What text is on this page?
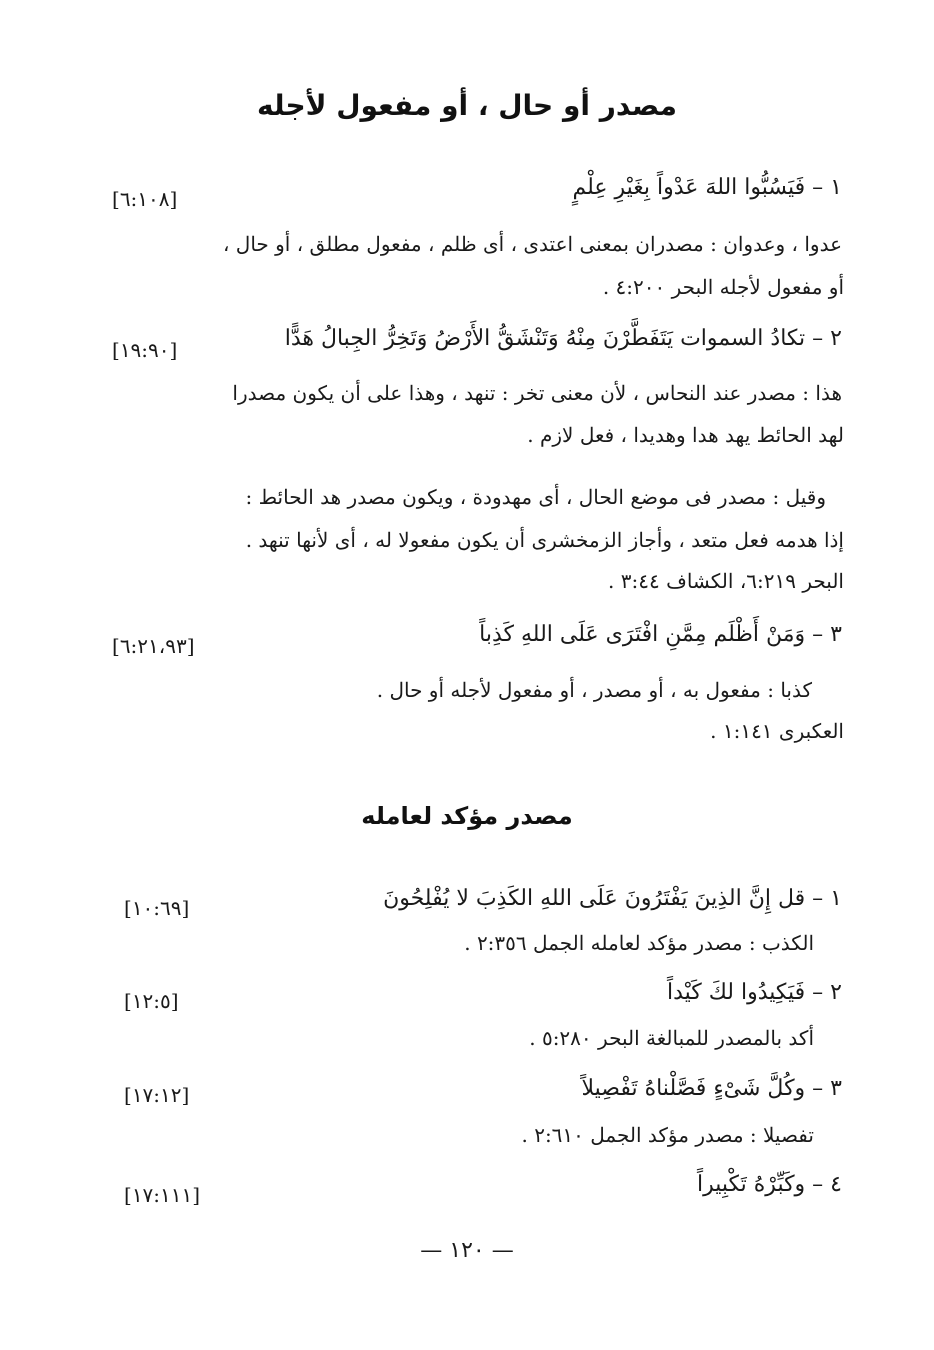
مصدر أو حال ، أو مفعول لأجله
١ – فَيَسُبُّوا اللهَ عَدْواً بِغَيْرِ عِلْمٍ
[٦:١٠٨]
عدوا ، وعدوان : مصدران بمعنى اعتدى ، أى ظلم ، مفعول مطلق ، أو حال ،
أو مفعول لأجله البحر ٤:٢٠٠ .
٢ – تكادُ السموات يَتَفَطَّرْنَ مِنْهُ وَتَنْشَقُّ الأَرْضُ وَتَخِرُّ الجِبالُ هَدًّا
[١٩:٩٠]
هذا : مصدر عند النحاس ، لأن معنى تخر : تنهد ، وهذا على أن يكون مصدرا
لهد الحائط يهد هدا وهديدا ، فعل لازم .
وقيل : مصدر فى موضع الحال ، أى مهدودة ، ويكون مصدر هد الحائط :
إذا هدمه فعل متعد ، وأجاز الزمخشرى أن يكون مفعولا له ، أى لأنها تنهد .
البحر ٦:٢١٩، الكشاف ٣:٤٤ .
٣ – وَمَنْ أَظْلَم مِمَّنِ افْتَرَى عَلَى اللهِ كَذِباً
[٦:٢١،٩٣]
كذبا : مفعول به ، أو مصدر ، أو مفعول لأجله أو حال .
العكبرى ١:١٤١ .
مصدر مؤكد لعامله
١ – قل إِنَّ الذِينَ يَفْتَرُونَ عَلَى اللهِ الكَذِبَ لا يُفْلِحُونَ
[١٠:٦٩]
الكذب : مصدر مؤكد لعامله الجمل ٢:٣٥٦ .
٢ – فَيَكِيدُوا لكَ كَيْداً
[١٢:٥]
أكد بالمصدر للمبالغة البحر ٥:٢٨٠ .
٣ – وكُلَّ شَىْءٍ فَصَّلْناهُ تَفْصِيلاً
[١٧:١٢]
تفصيلا : مصدر مؤكد الجمل ٢:٦١٠ .
٤ – وكَبِّرْهُ تَكْبِيراً
[١٧:١١١]
— ١٢٠ —
